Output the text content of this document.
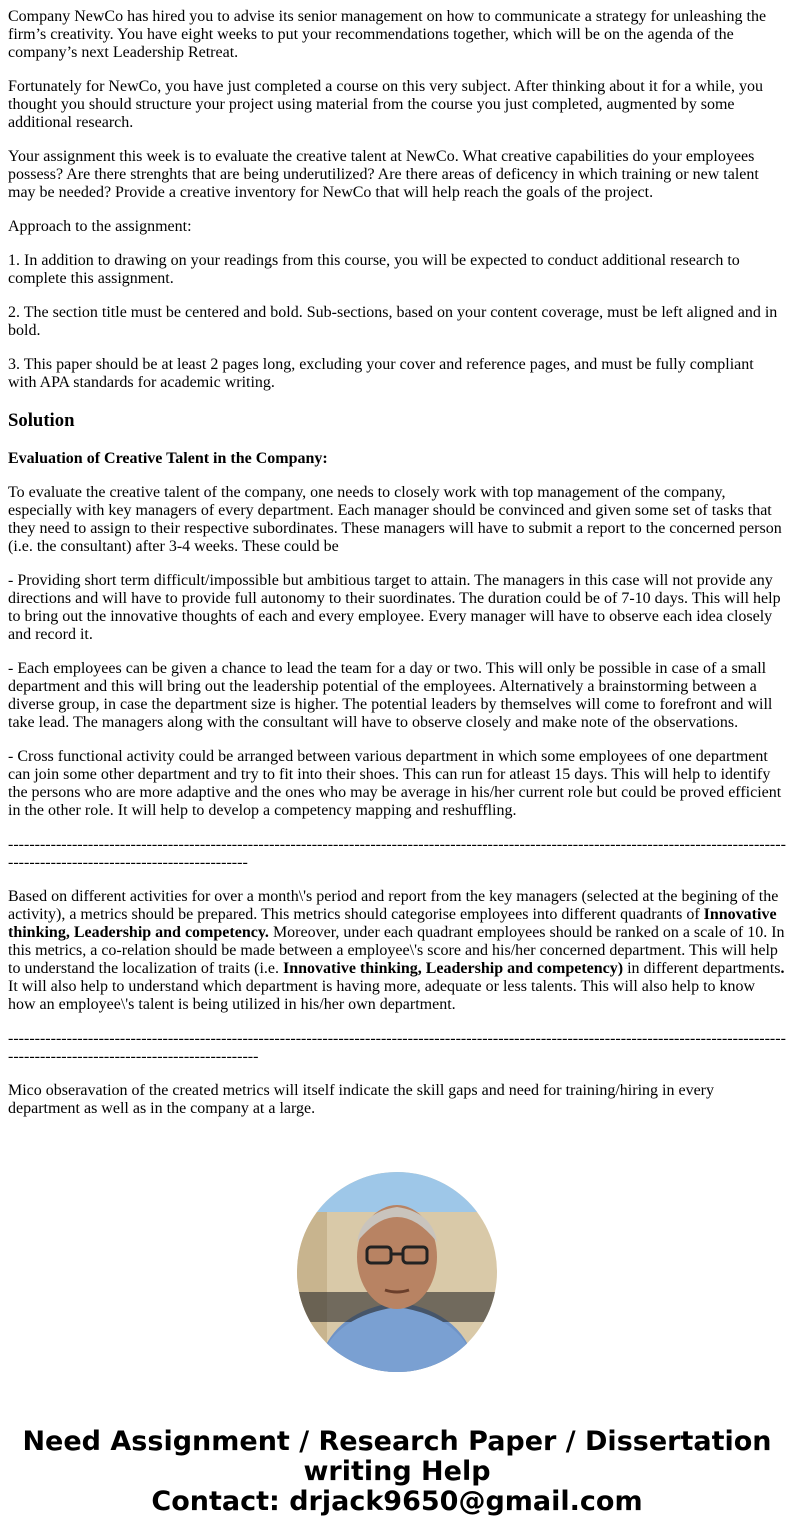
Company NewCo has hired you to advise its senior management on how to communicate a strategy for unleashing the firm’s creativity. You have eight weeks to put your recommendations together, which will be on the agenda of the company’s next Leadership Retreat.

Fortunately for NewCo, you have just completed a course on this very subject. After thinking about it for a while, you thought you should structure your project using material from the course you just completed, augmented by some additional research.

Your assignment this week is to evaluate the creative talent at NewCo. What creative capabilities do your employees possess? Are there strenghts that are being underutilized? Are there areas of deficency in which training or new talent may be needed? Provide a creative inventory for NewCo that will help reach the goals of the project.

Approach to the assignment:

1. In addition to drawing on your readings from this course, you will be expected to conduct additional research to complete this assignment.

2. The section title must be centered and bold. Sub-sections, based on your content coverage, must be left aligned and in bold.

3. This paper should be at least 2 pages long, excluding your cover and reference pages, and must be fully compliant with APA standards for academic writing.

Solution

Evaluation of Creative Talent in the Company:

To evaluate the creative talent of the company, one needs to closely work with top management of the company, especially with key managers of every department. Each manager should be convinced and given some set of tasks that they need to assign to their respective subordinates. These managers will have to submit a report to the concerned person (i.e. the consultant) after 3-4 weeks. These could be

- Providing short term difficult/impossible but ambitious target to attain. The managers in this case will not provide any directions and will have to provide full autonomy to their suordinates. The duration could be of 7-10 days. This will help to bring out the innovative thoughts of each and every employee. Every manager will have to observe each idea closely and record it.

- Each employees can be given a chance to lead the team for a day or two. This will only be possible in case of a small department and this will bring out the leadership potential of the employees. Alternatively a brainstorming between a diverse group, in case the department size is higher. The potential leaders by themselves will come to forefront and will take lead. The managers along with the consultant will have to observe closely and make note of the observations.

- Cross functional activity could be arranged between various department in which some employees of one department can join some other department and try to fit into their shoes. This can run for atleast 15 days. This will help to identify the persons who are more adaptive and the ones who may be average in his/her current role but could be proved efficient in the other role. It will help to develop a competency mapping and reshuffling.

-----------------------------------------------------------------------------------------------------------------------------------------------------------------------------------------------

Based on different activities for over a month\'s period and report from the key managers (selected at the begining of the activity), a metrics should be prepared. This metrics should categorise employees into different quadrants of Innovative thinking, Leadership and competency. Moreover, under each quadrant employees should be ranked on a scale of 10. In this metrics, a co-relation should be made between a employee\'s score and his/her concerned department. This will help to understand the localization of traits (i.e. Innovative thinking, Leadership and competency) in different departments. It will also help to understand which department is having more, adequate or less talents. This will also help to know how an employee\'s talent is being utilized in his/her own department.

-------------------------------------------------------------------------------------------------------------------------------------------------------------------------------------------------

Mico obseravation of the created metrics will itself indicate the skill gaps and need for training/hiring in every department as well as in the company at a large.

Need Assignment / Research Paper / Dissertation writing Help
Contact: drjack9650@gmail.com
